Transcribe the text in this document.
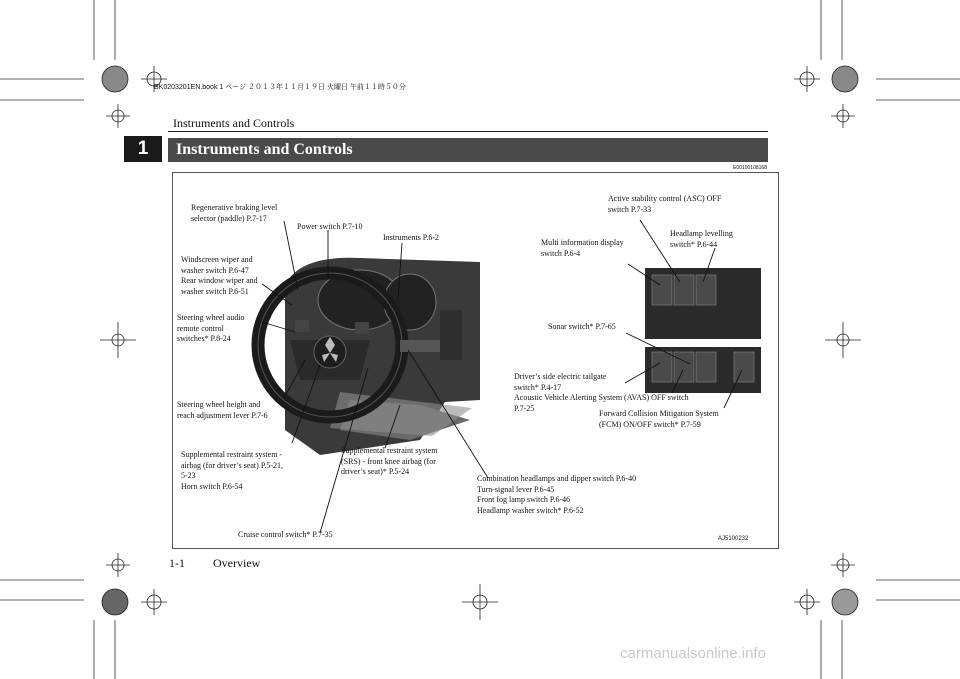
BK0203201EN.book 1 ページ ２０１３年１１月１９日 火曜日 午前１１時５０分
Instruments and Controls
1	Instruments and Controls
E00100108168
Regenerative braking level
selector (paddle) P.7-17
Power switch P.7-10
Instruments P.6-2
Windscreen wiper and
washer switch P.6-47
Rear window wiper and
washer switch P.6-51
Steering wheel audio
remote control
switches* P.8-24
Steering wheel height and
reach adjustment lever P.7-6
Supplemental restraint system -
airbag (for driver’s seat) P.5-21,
5-23
Horn switch P.6-54
Supplemental restraint system
(SRS) - front knee airbag (for
driver’s seat)* P.5-24
Cruise control switch* P.7-35
Combination headlamps and dipper switch P.6-40
Turn-signal lever P.6-45
Front fog lamp switch P.6-46
Headlamp washer switch* P.6-52
Active stability control (ASC) OFF
switch P.7-33
Headlamp levelling
switch* P.6-44
Multi information display
switch P.6-4
Sonar switch* P.7-65
Driver’s side electric tailgate
switch* P.4-17
Acoustic Vehicle Alerting System (AVAS) OFF switch
P.7-25
Forward Collision Mitigation System
(FCM) ON/OFF switch* P.7-59
AJ5100232
1-1 Overview
carmanualsonline.info
